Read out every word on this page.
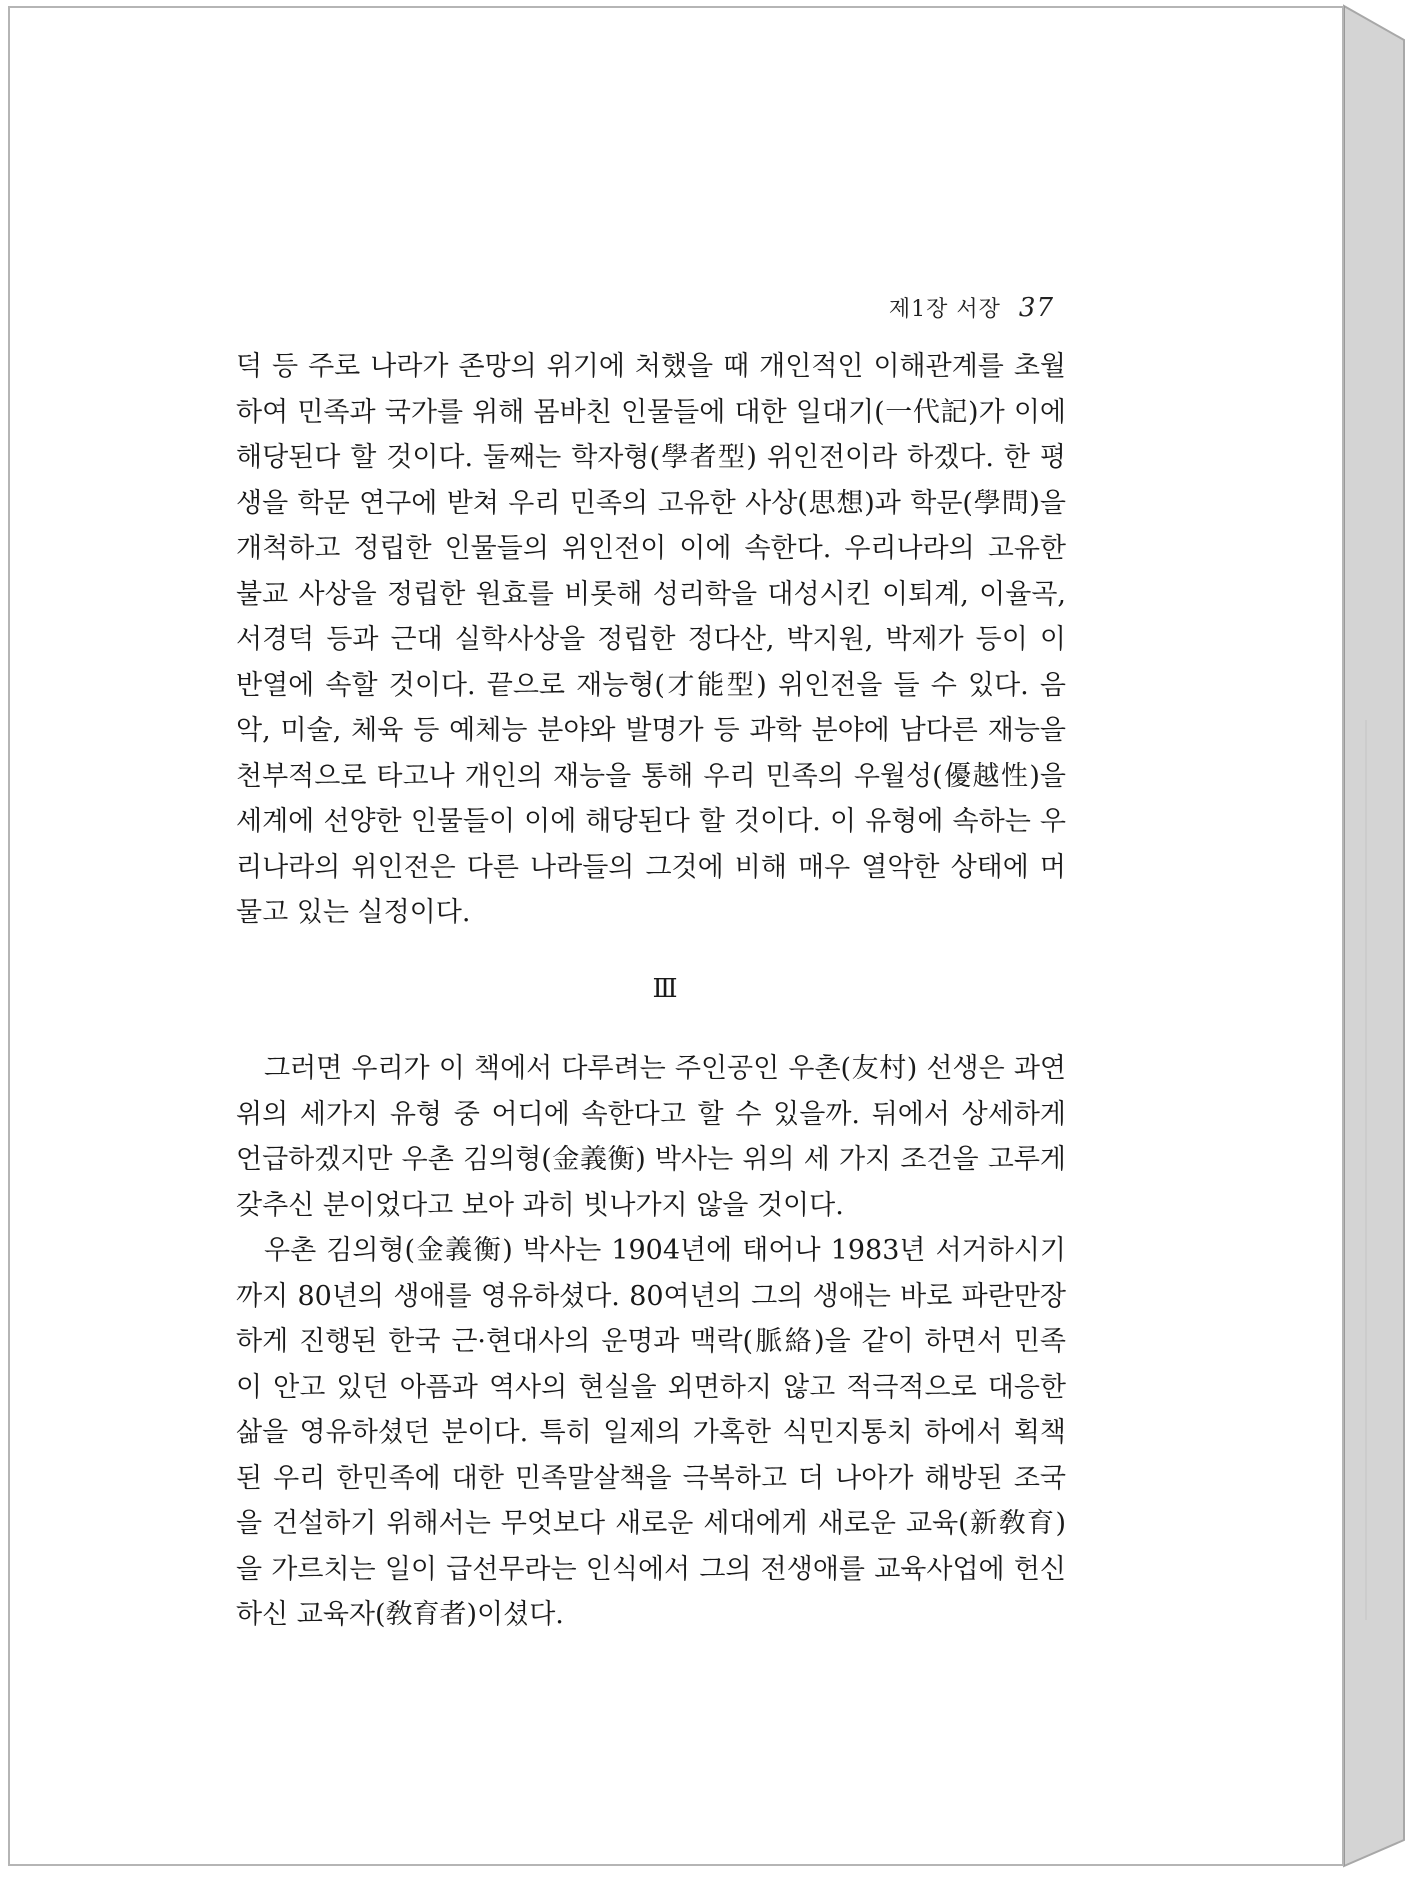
제1장 서장 37

덕 등 주로 나라가 존망의 위기에 처했을 때 개인적인 이해관계를 초월하여 민족과 국가를 위해 몸바친 인물들에 대한 일대기(一代記)가 이에 해당된다 할 것이다. 둘째는 학자형(學者型) 위인전이라 하겠다. 한 평생을 학문 연구에 받쳐 우리 민족의 고유한 사상(思想)과 학문(學問)을 개척하고 정립한 인물들의 위인전이 이에 속한다. 우리나라의 고유한 불교 사상을 정립한 원효를 비롯해 성리학을 대성시킨 이퇴계, 이율곡, 서경덕 등과 근대 실학사상을 정립한 정다산, 박지원, 박제가 등이 이 반열에 속할 것이다. 끝으로 재능형(才能型) 위인전을 들 수 있다. 음악, 미술, 체육 등 예체능 분야와 발명가 등 과학 분야에 남다른 재능을 천부적으로 타고나 개인의 재능을 통해 우리 민족의 우월성(優越性)을 세계에 선양한 인물들이 이에 해당된다 할 것이다. 이 유형에 속하는 우리나라의 위인전은 다른 나라들의 그것에 비해 매우 열악한 상태에 머물고 있는 실정이다.

Ⅲ

그러면 우리가 이 책에서 다루려는 주인공인 우촌(友村) 선생은 과연 위의 세가지 유형 중 어디에 속한다고 할 수 있을까. 뒤에서 상세하게 언급하겠지만 우촌 김의형(金義衡) 박사는 위의 세 가지 조건을 고루게 갖추신 분이었다고 보아 과히 빗나가지 않을 것이다.

우촌 김의형(金義衡) 박사는 1904년에 태어나 1983년 서거하시기까지 80년의 생애를 영유하셨다. 80여년의 그의 생애는 바로 파란만장하게 진행된 한국 근·현대사의 운명과 맥락(脈絡)을 같이 하면서 민족이 안고 있던 아픔과 역사의 현실을 외면하지 않고 적극적으로 대응한 삶을 영유하셨던 분이다. 특히 일제의 가혹한 식민지통치 하에서 획책된 우리 한민족에 대한 민족말살책을 극복하고 더 나아가 해방된 조국을 건설하기 위해서는 무엇보다 새로운 세대에게 새로운 교육(新敎育)을 가르치는 일이 급선무라는 인식에서 그의 전생애를 교육사업에 헌신하신 교육자(敎育者)이셨다.
